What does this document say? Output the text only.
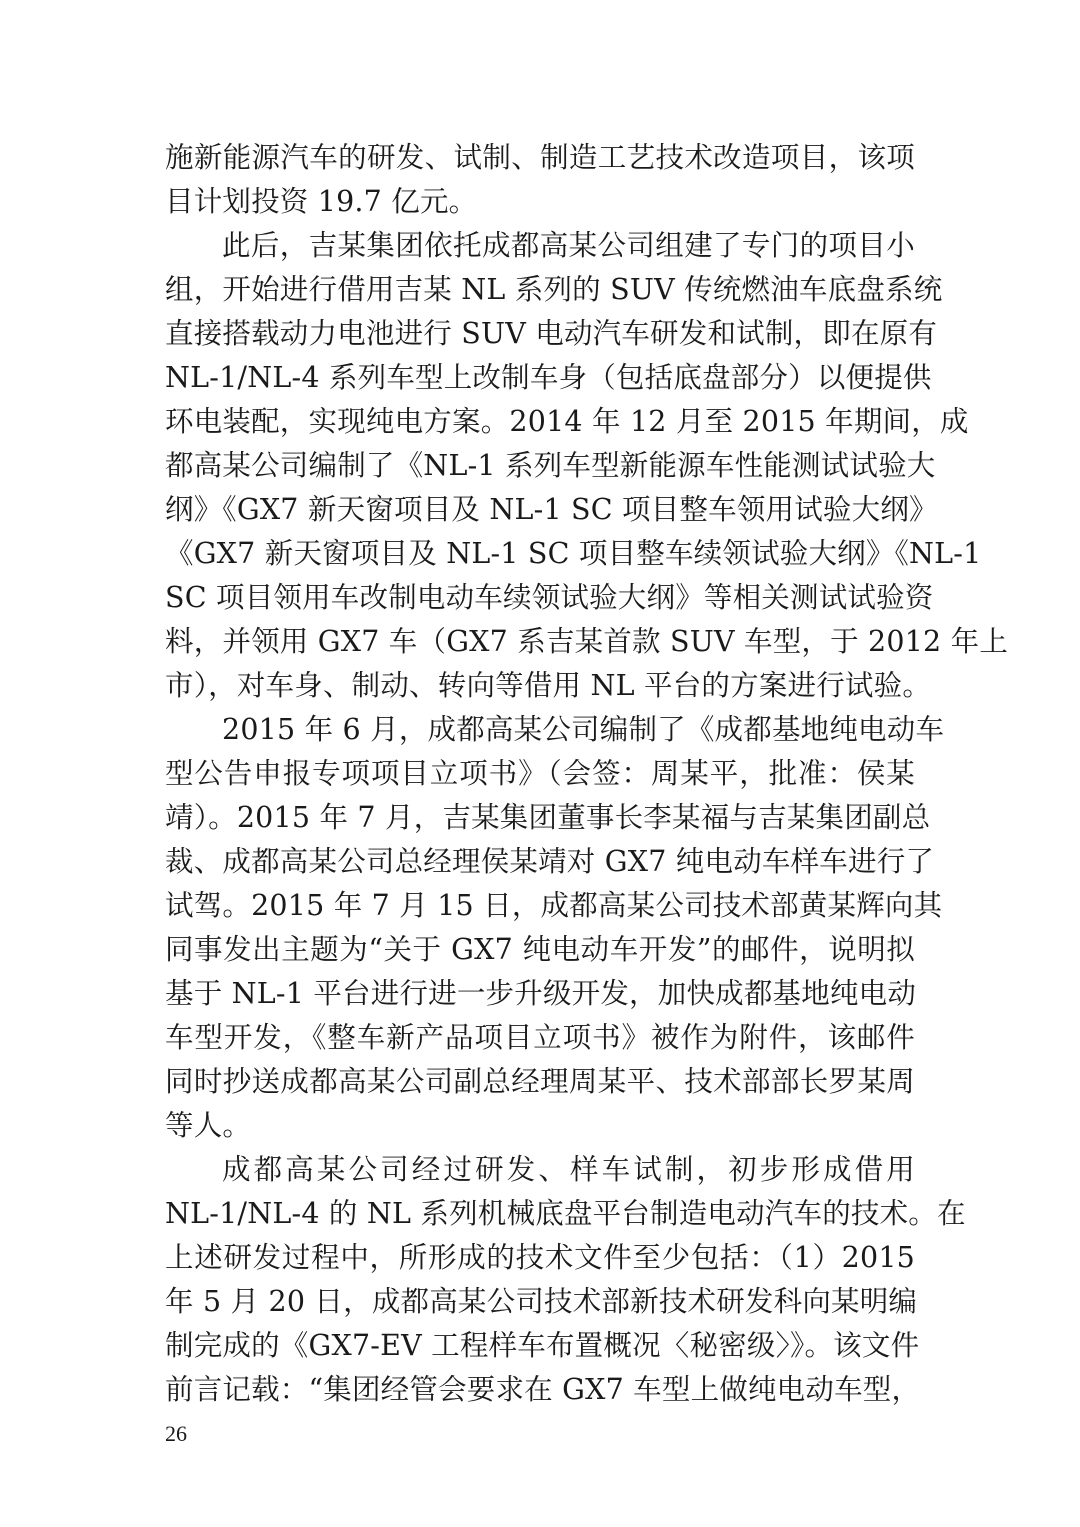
施新能源汽车的研发、试制、制造工艺技术改造项目，该项
目计划投资 19.7 亿元。
此后，吉某集团依托成都高某公司组建了专门的项目小
组，开始进行借用吉某 NL 系列的 SUV 传统燃油车底盘系统
直接搭载动力电池进行 SUV 电动汽车研发和试制，即在原有
NL-1/NL-4 系列车型上改制车身（包括底盘部分）以便提供
环电装配，实现纯电方案。2014 年 12 月至 2015 年期间，成
都高某公司编制了《NL-1 系列车型新能源车性能测试试验大
纲》《GX7 新天窗项目及 NL-1 SC 项目整车领用试验大纲》
《GX7 新天窗项目及 NL-1 SC 项目整车续领试验大纲》《NL-1
SC 项目领用车改制电动车续领试验大纲》等相关测试试验资
料，并领用 GX7 车（GX7 系吉某首款 SUV 车型，于 2012 年上
市），对车身、制动、转向等借用 NL 平台的方案进行试验。
2015 年 6 月，成都高某公司编制了《成都基地纯电动车
型公告申报专项项目立项书》（会签：周某平，批准：侯某
靖）。2015 年 7 月，吉某集团董事长李某福与吉某集团副总
裁、成都高某公司总经理侯某靖对 GX7 纯电动车样车进行了
试驾。2015 年 7 月 15 日，成都高某公司技术部黄某辉向其
同事发出主题为“关于 GX7 纯电动车开发”的邮件，说明拟
基于 NL-1 平台进行进一步升级开发，加快成都基地纯电动
车型开发，《整车新产品项目立项书》被作为附件，该邮件
同时抄送成都高某公司副总经理周某平、技术部部长罗某周
等人。
成都高某公司经过研发、样车试制，初步形成借用
NL-1/NL-4 的 NL 系列机械底盘平台制造电动汽车的技术。在
上述研发过程中，所形成的技术文件至少包括：（1）2015
年 5 月 20 日，成都高某公司技术部新技术研发科向某明编
制完成的《GX7-EV 工程样车布置概况〈秘密级〉》。该文件
前言记载：“集团经管会要求在 GX7 车型上做纯电动车型，
26
